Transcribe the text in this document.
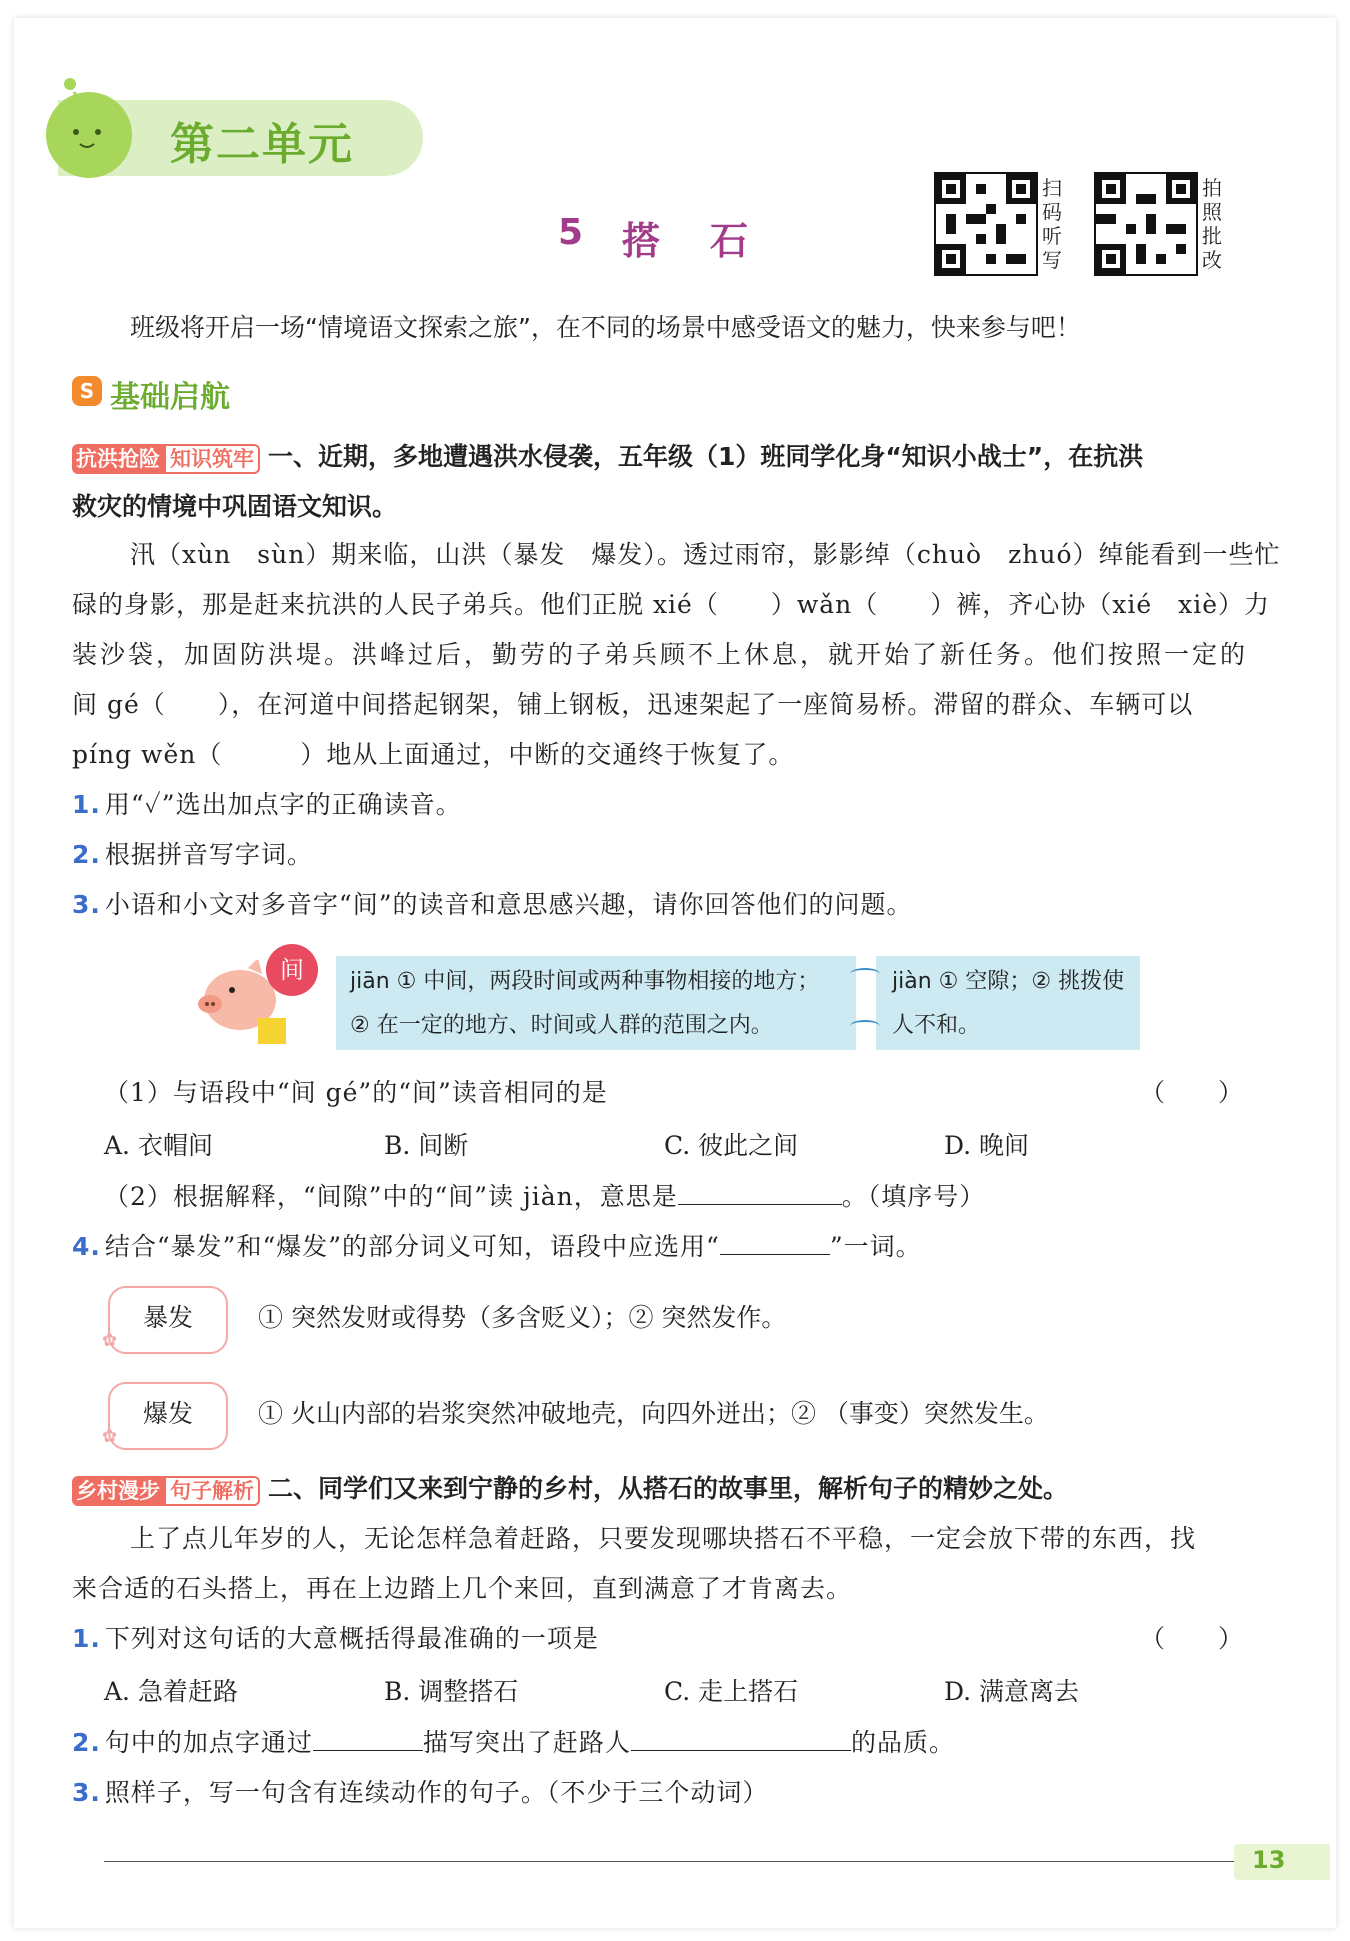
第二单元
5 搭　石
扫码听写
拍照批改
班级将开启一场“情境语文探索之旅”，在不同的场景中感受语文的魅力，快来参与吧！
S 基础启航
抗洪抢险 知识筑牢 一、近期，多地遭遇洪水侵袭，五年级（1）班同学化身“知识小战士”，在抗洪
救灾的情境中巩固语文知识。
汛（xùn　sùn）期来临，山洪（暴发　爆发）。透过雨帘，影影绰（chuò　zhuó）绰能看到一些忙
碌的身影，那是赶来抗洪的人民子弟兵。他们正脱 xié（　　）wǎn（　　）裤，齐心协（xié　xiè）力
装沙袋，加固防洪堤。洪峰过后，勤劳的子弟兵顾不上休息，就开始了新任务。他们按照一定的
间 gé（　　），在河道中间搭起钢架，铺上钢板，迅速架起了一座简易桥。滞留的群众、车辆可以
píng wěn（　　　）地从上面通过，中断的交通终于恢复了。
1. 用“✓”选出加点字的正确读音。
2. 根据拼音写字词。
3. 小语和小文对多音字“间”的读音和意思感兴趣，请你回答他们的问题。
间	jiān ① 中间，两段时间或两种事物相接的地方；
② 在一定的地方、时间或人群的范围之内。
jiàn ① 空隙；② 挑拨使
人不和。
（1）与语段中“间 gé”的“间”读音相同的是	（　　）
A. 衣帽间	B. 间断	C. 彼此之间	D. 晚间
（2）根据解释，“间隙”中的“间”读 jiàn，意思是	。（填序号）
4. 结合“暴发”和“爆发”的部分词义可知，语段中应选用“	”一词。
暴发
✿
① 突然发财或得势（多含贬义）；② 突然发作。
爆发
✿
① 火山内部的岩浆突然冲破地壳，向四外迸出；② （事变）突然发生。
乡村漫步 句子解析 二、同学们又来到宁静的乡村，从搭石的故事里，解析句子的精妙之处。
上了点儿年岁的人，无论怎样急着赶路，只要发现哪块搭石不平稳，一定会放下带的东西，找
来合适的石头搭上，再在上边踏上几个来回，直到满意了才肯离去。
1. 下列对这句话的大意概括得最准确的一项是	（　　）
A. 急着赶路	B. 调整搭石	C. 走上搭石	D. 满意离去
2. 句中的加点字通过	描写突出了赶路人	的品质。
3. 照样子，写一句含有连续动作的句子。（不少于三个动词）
13
